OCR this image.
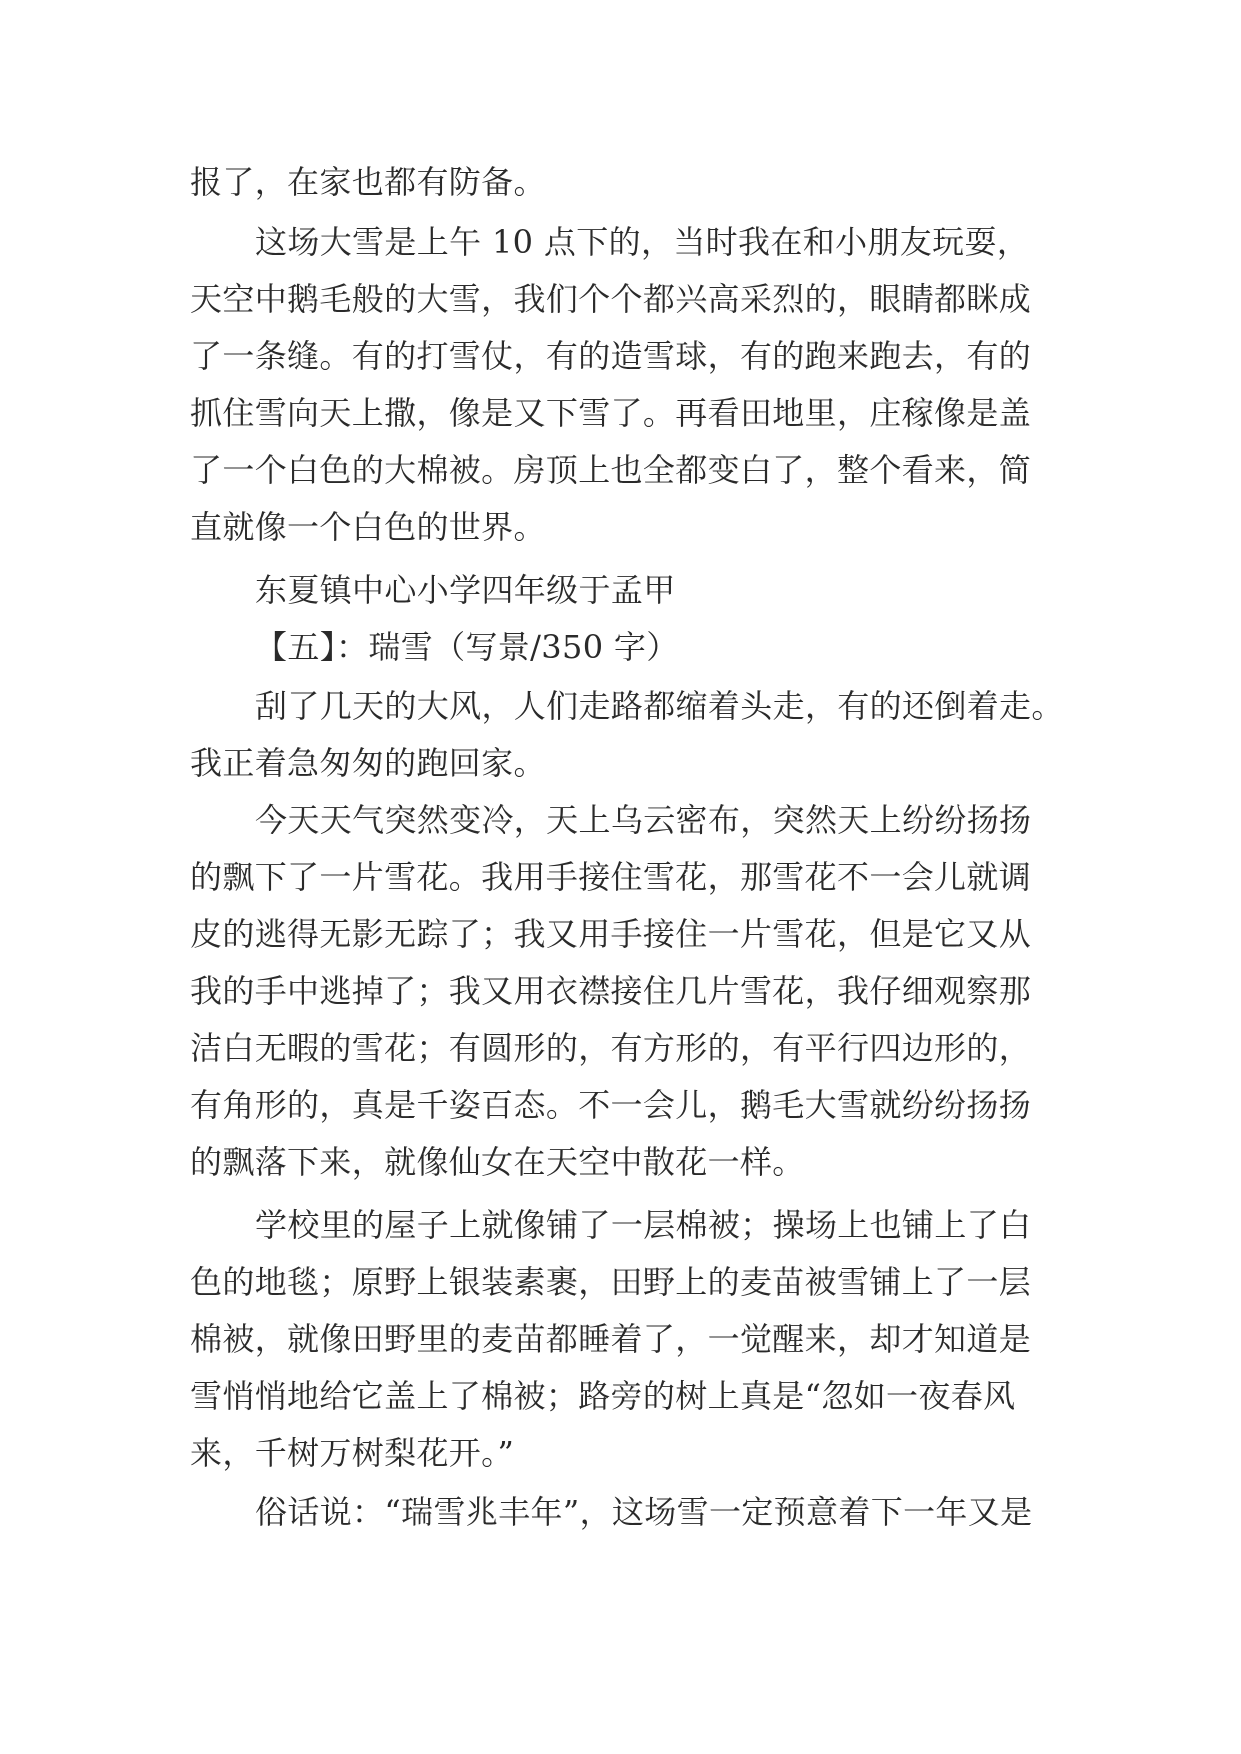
报了，在家也都有防备。
这场大雪是上午 10 点下的，当时我在和小朋友玩耍，
天空中鹅毛般的大雪，我们个个都兴高采烈的，眼睛都眯成
了一条缝。有的打雪仗，有的造雪球，有的跑来跑去，有的
抓住雪向天上撒，像是又下雪了。再看田地里，庄稼像是盖
了一个白色的大棉被。房顶上也全都变白了，整个看来，简
直就像一个白色的世界。
东夏镇中心小学四年级于孟甲
【五】：瑞雪（写景/350 字）
刮了几天的大风，人们走路都缩着头走，有的还倒着走。
我正着急匆匆的跑回家。
今天天气突然变冷，天上乌云密布，突然天上纷纷扬扬
的飘下了一片雪花。我用手接住雪花，那雪花不一会儿就调
皮的逃得无影无踪了；我又用手接住一片雪花，但是它又从
我的手中逃掉了；我又用衣襟接住几片雪花，我仔细观察那
洁白无暇的雪花；有圆形的，有方形的，有平行四边形的，
有角形的，真是千姿百态。不一会儿，鹅毛大雪就纷纷扬扬
的飘落下来，就像仙女在天空中散花一样。
学校里的屋子上就像铺了一层棉被；操场上也铺上了白
色的地毯；原野上银装素裹，田野上的麦苗被雪铺上了一层
棉被，就像田野里的麦苗都睡着了，一觉醒来，却才知道是
雪悄悄地给它盖上了棉被；路旁的树上真是“忽如一夜春风
来，千树万树梨花开。”
俗话说：“瑞雪兆丰年”，这场雪一定预意着下一年又是
